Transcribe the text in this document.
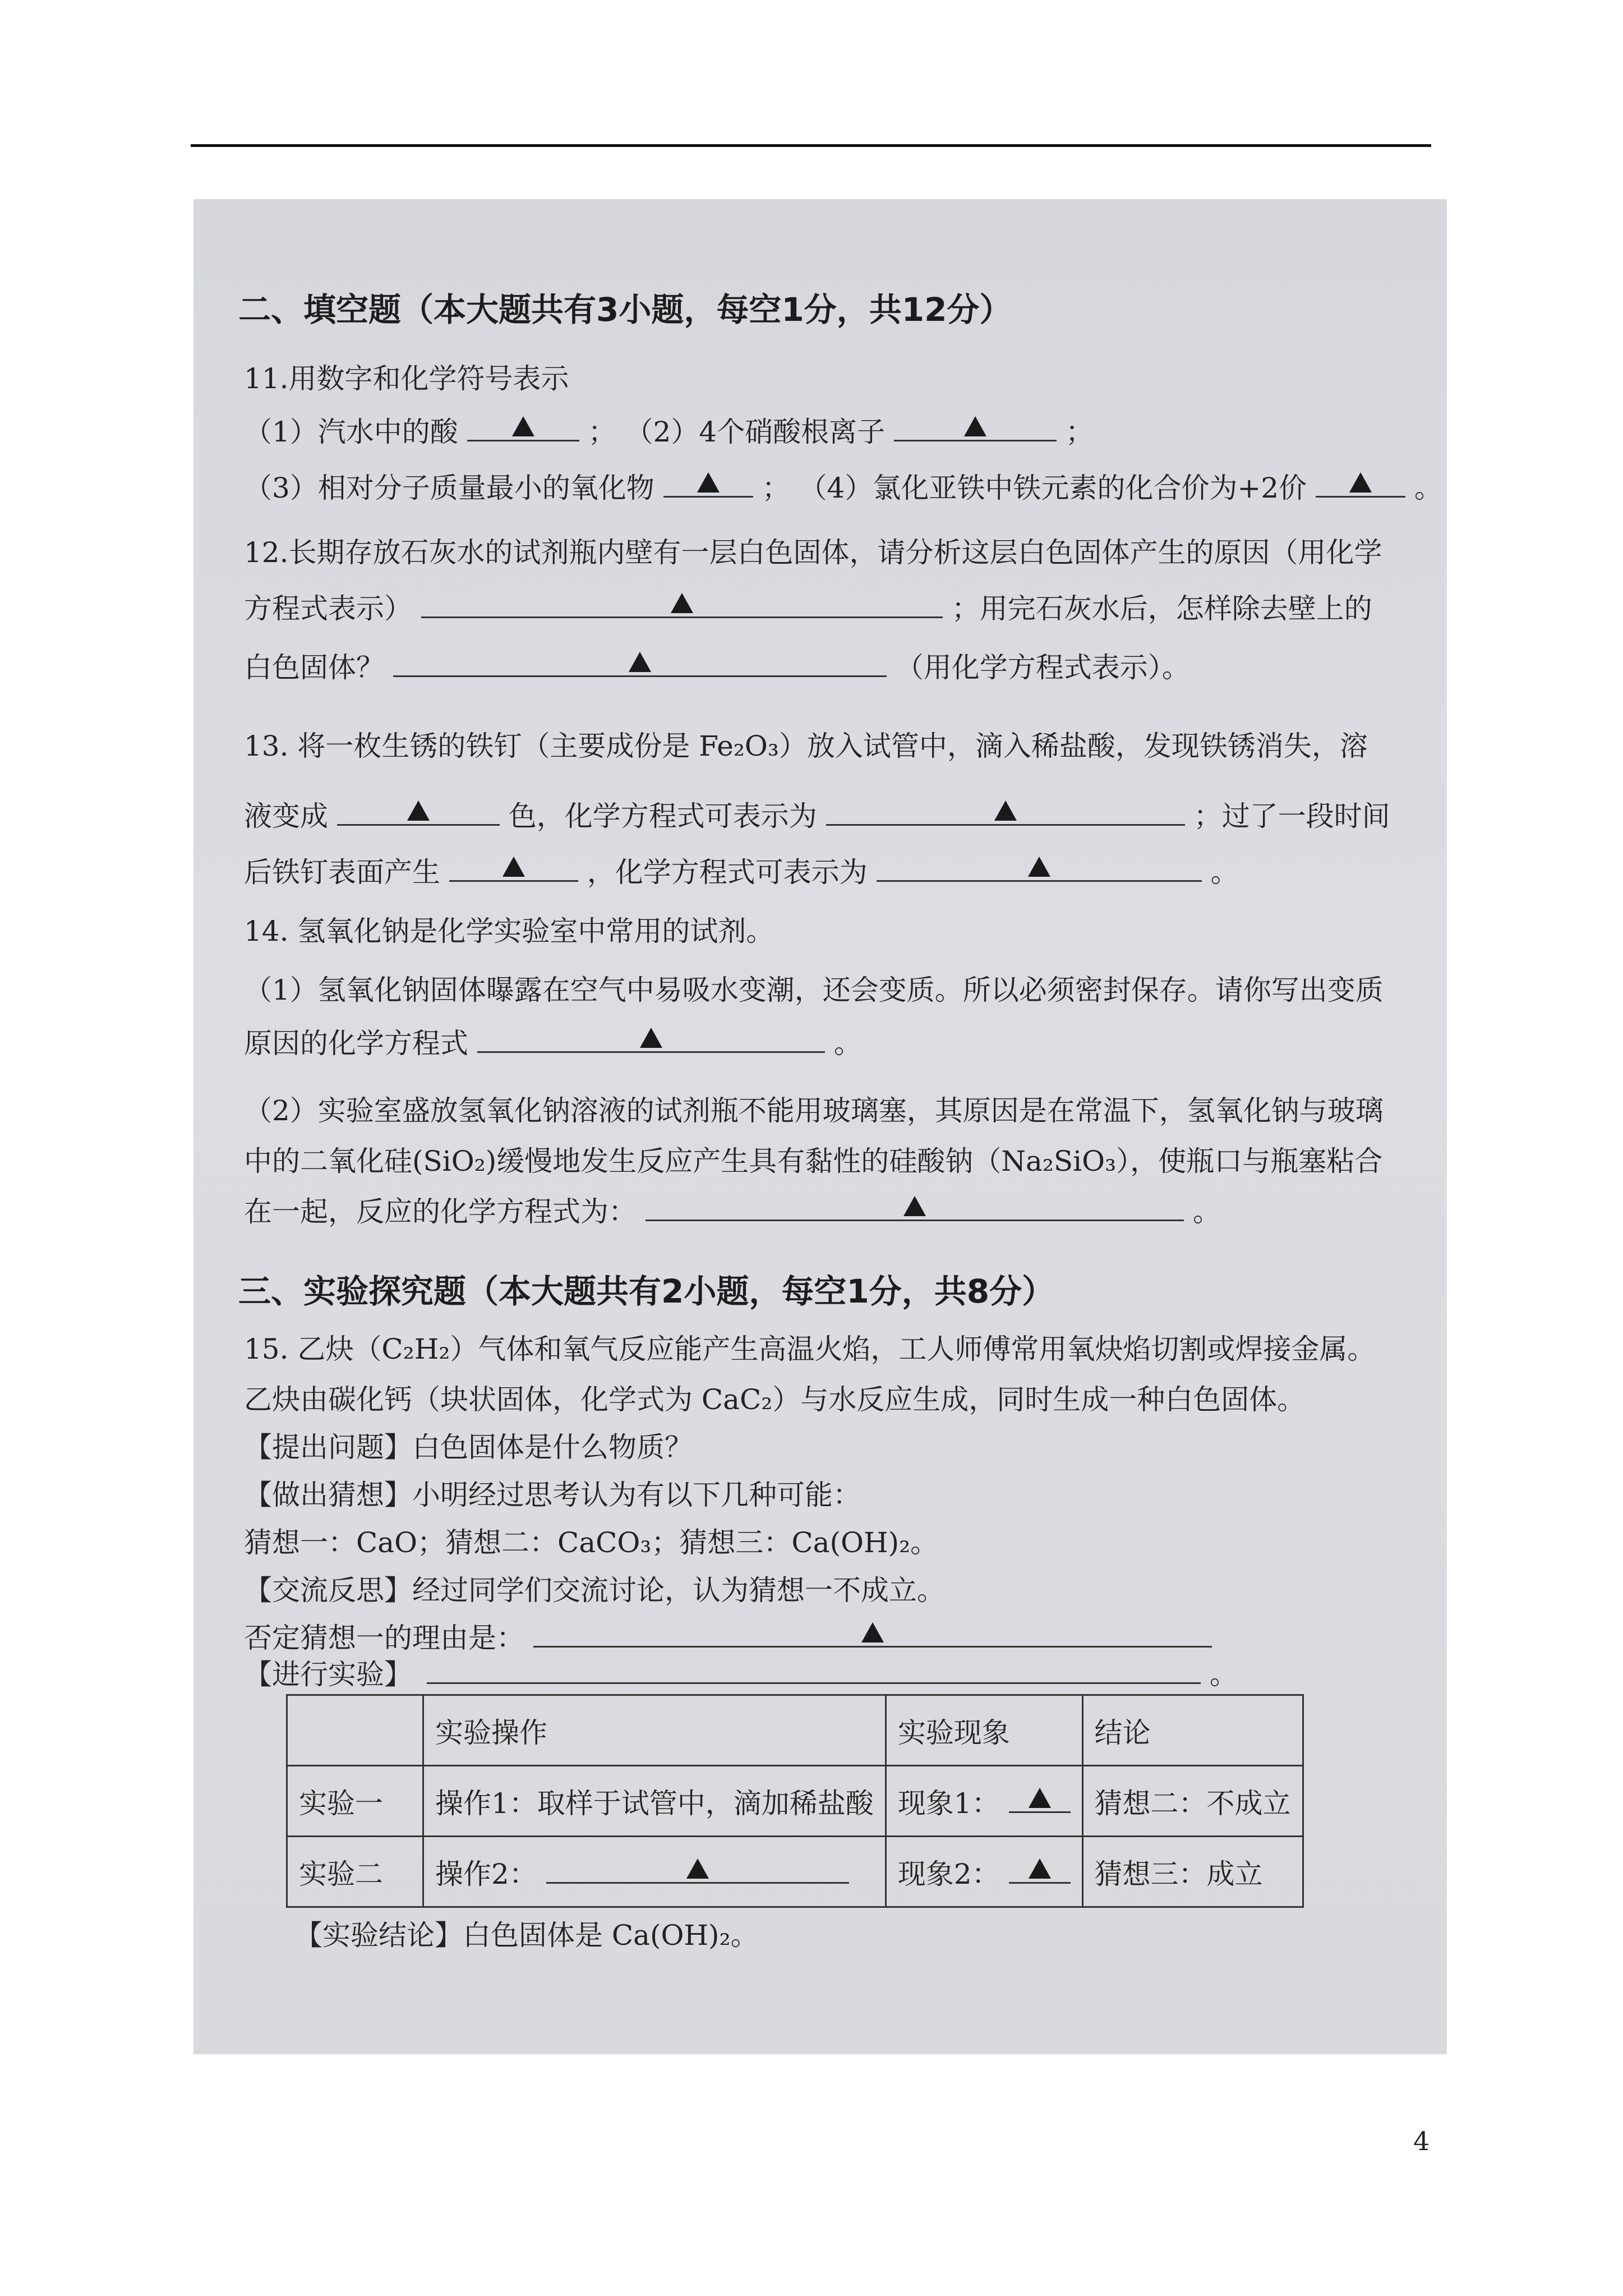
二、填空题（本大题共有3小题，每空1分，共12分）
11.用数字和化学符号表示
（1）汽水中的酸	； （2）4个硝酸根离子	；
（3）相对分子质量最小的氧化物	； （4）氯化亚铁中铁元素的化合价为+2价	。
12.长期存放石灰水的试剂瓶内壁有一层白色固体，请分析这层白色固体产生的原因（用化学
方程式表示）	；用完石灰水后，怎样除去壁上的
白色固体？	（用化学方程式表示）。
13. 将一枚生锈的铁钉（主要成份是 Fe₂O₃）放入试管中，滴入稀盐酸，发现铁锈消失，溶
液变成	色，化学方程式可表示为	；过了一段时间
后铁钉表面产生	，化学方程式可表示为	。
14. 氢氧化钠是化学实验室中常用的试剂。
（1）氢氧化钠固体曝露在空气中易吸水变潮，还会变质。所以必须密封保存。请你写出变质
原因的化学方程式	。
（2）实验室盛放氢氧化钠溶液的试剂瓶不能用玻璃塞，其原因是在常温下，氢氧化钠与玻璃
中的二氧化硅(SiO₂)缓慢地发生反应产生具有黏性的硅酸钠（Na₂SiO₃），使瓶口与瓶塞粘合
在一起，反应的化学方程式为：	。
三、实验探究题（本大题共有2小题，每空1分，共8分）
15. 乙炔（C₂H₂）气体和氧气反应能产生高温火焰，工人师傅常用氧炔焰切割或焊接金属。
乙炔由碳化钙（块状固体，化学式为 CaC₂）与水反应生成，同时生成一种白色固体。
【提出问题】白色固体是什么物质？
【做出猜想】小明经过思考认为有以下几种可能：
猜想一：CaO；猜想二：CaCO₃；猜想三：Ca(OH)₂。
【交流反思】经过同学们交流讨论，认为猜想一不成立。
否定猜想一的理由是：
【进行实验】	。
	实验操作	实验现象	结论
实验一	操作1：取样于试管中，滴加稀盐酸	现象1：	猜想二：不成立
实验二	操作2：	现象2：	猜想三：成立
【实验结论】白色固体是 Ca(OH)₂。
4
